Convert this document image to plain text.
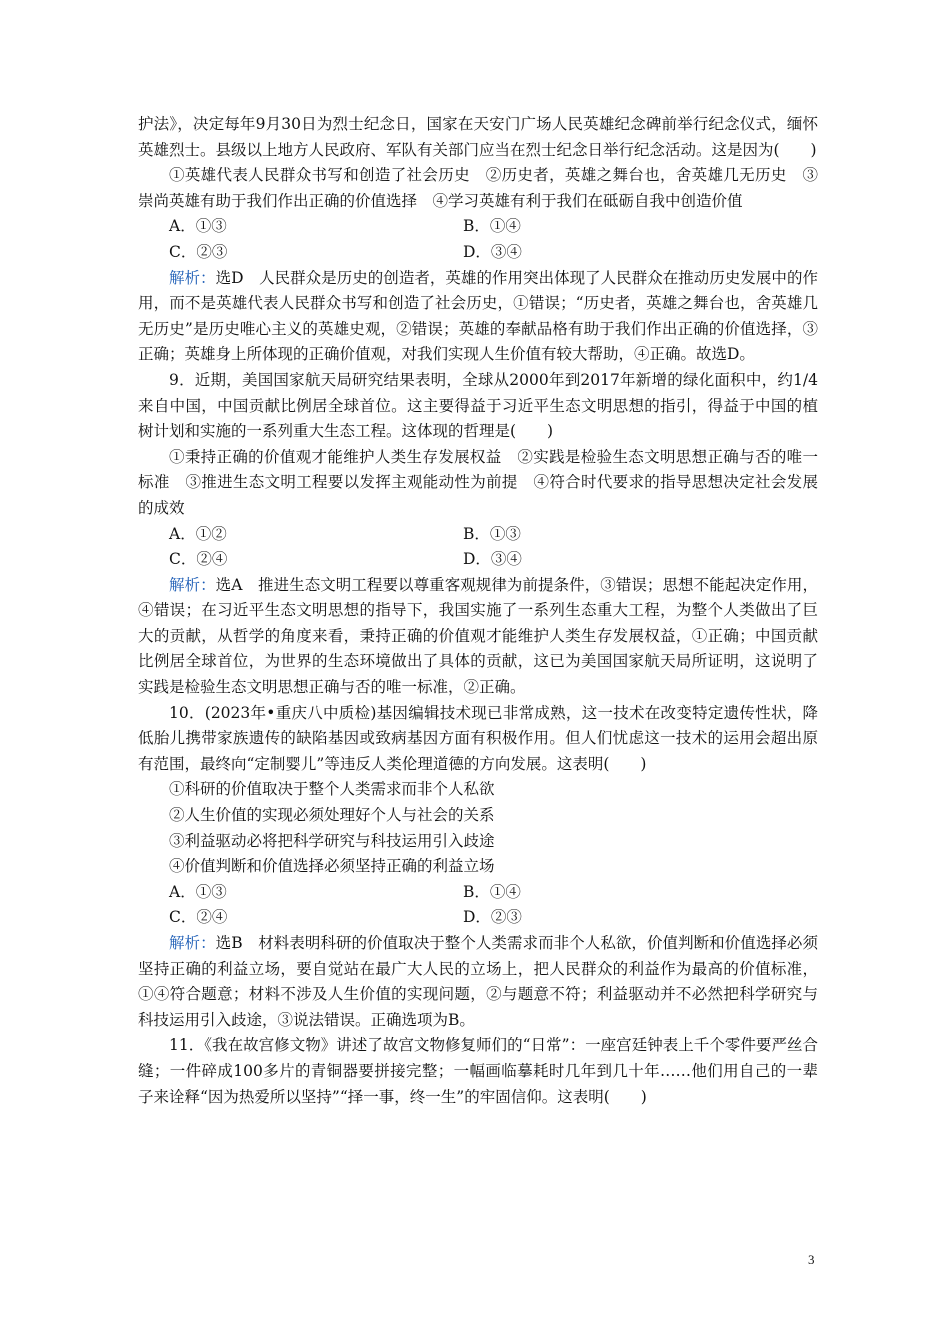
护法》，决定每年9月30日为烈士纪念日，国家在天安门广场人民英雄纪念碑前举行纪念仪式，缅怀英雄烈士。县级以上地方人民政府、军队有关部门应当在烈士纪念日举行纪念活动。这是因为(　　)

①英雄代表人民群众书写和创造了社会历史　②历史者，英雄之舞台也，舍英雄几无历史　③崇尚英雄有助于我们作出正确的价值选择　④学习英雄有利于我们在砥砺自我中创造价值

A．①③	B．①④
C．②③	D．③④

解析：选D　人民群众是历史的创造者，英雄的作用突出体现了人民群众在推动历史发展中的作用，而不是英雄代表人民群众书写和创造了社会历史，①错误；“历史者，英雄之舞台也，舍英雄几无历史”是历史唯心主义的英雄史观，②错误；英雄的奉献品格有助于我们作出正确的价值选择，③正确；英雄身上所体现的正确价值观，对我们实现人生价值有较大帮助，④正确。故选D。

9．近期，美国国家航天局研究结果表明，全球从2000年到2017年新增的绿化面积中，约1/4来自中国，中国贡献比例居全球首位。这主要得益于习近平生态文明思想的指引，得益于中国的植树计划和实施的一系列重大生态工程。这体现的哲理是(　　)

①秉持正确的价值观才能维护人类生存发展权益　②实践是检验生态文明思想正确与否的唯一标准　③推进生态文明工程要以发挥主观能动性为前提　④符合时代要求的指导思想决定社会发展的成效

A．①②	B．①③
C．②④	D．③④

解析：选A　推进生态文明工程要以尊重客观规律为前提条件，③错误；思想不能起决定作用，④错误；在习近平生态文明思想的指导下，我国实施了一系列生态重大工程，为整个人类做出了巨大的贡献，从哲学的角度来看，秉持正确的价值观才能维护人类生存发展权益，①正确；中国贡献比例居全球首位，为世界的生态环境做出了具体的贡献，这已为美国国家航天局所证明，这说明了实践是检验生态文明思想正确与否的唯一标准，②正确。

10．(2023年•重庆八中质检)基因编辑技术现已非常成熟，这一技术在改变特定遗传性状，降低胎儿携带家族遗传的缺陷基因或致病基因方面有积极作用。但人们忧虑这一技术的运用会超出原有范围，最终向“定制婴儿”等违反人类伦理道德的方向发展。这表明(　　)

①科研的价值取决于整个人类需求而非个人私欲

②人生价值的实现必须处理好个人与社会的关系

③利益驱动必将把科学研究与科技运用引入歧途

④价值判断和价值选择必须坚持正确的利益立场

A．①③	B．①④
C．②④	D．②③

解析：选B　材料表明科研的价值取决于整个人类需求而非个人私欲，价值判断和价值选择必须坚持正确的利益立场，要自觉站在最广大人民的立场上，把人民群众的利益作为最高的价值标准，①④符合题意；材料不涉及人生价值的实现问题，②与题意不符；利益驱动并不必然把科学研究与科技运用引入歧途，③说法错误。正确选项为B。

11．《我在故宫修文物》讲述了故宫文物修复师们的“日常”：一座宫廷钟表上千个零件要严丝合缝；一件碎成100多片的青铜器要拼接完整；一幅画临摹耗时几年到几十年……他们用自己的一辈子来诠释“因为热爱所以坚持”“择一事，终一生”的牢固信仰。这表明(　　)

3
